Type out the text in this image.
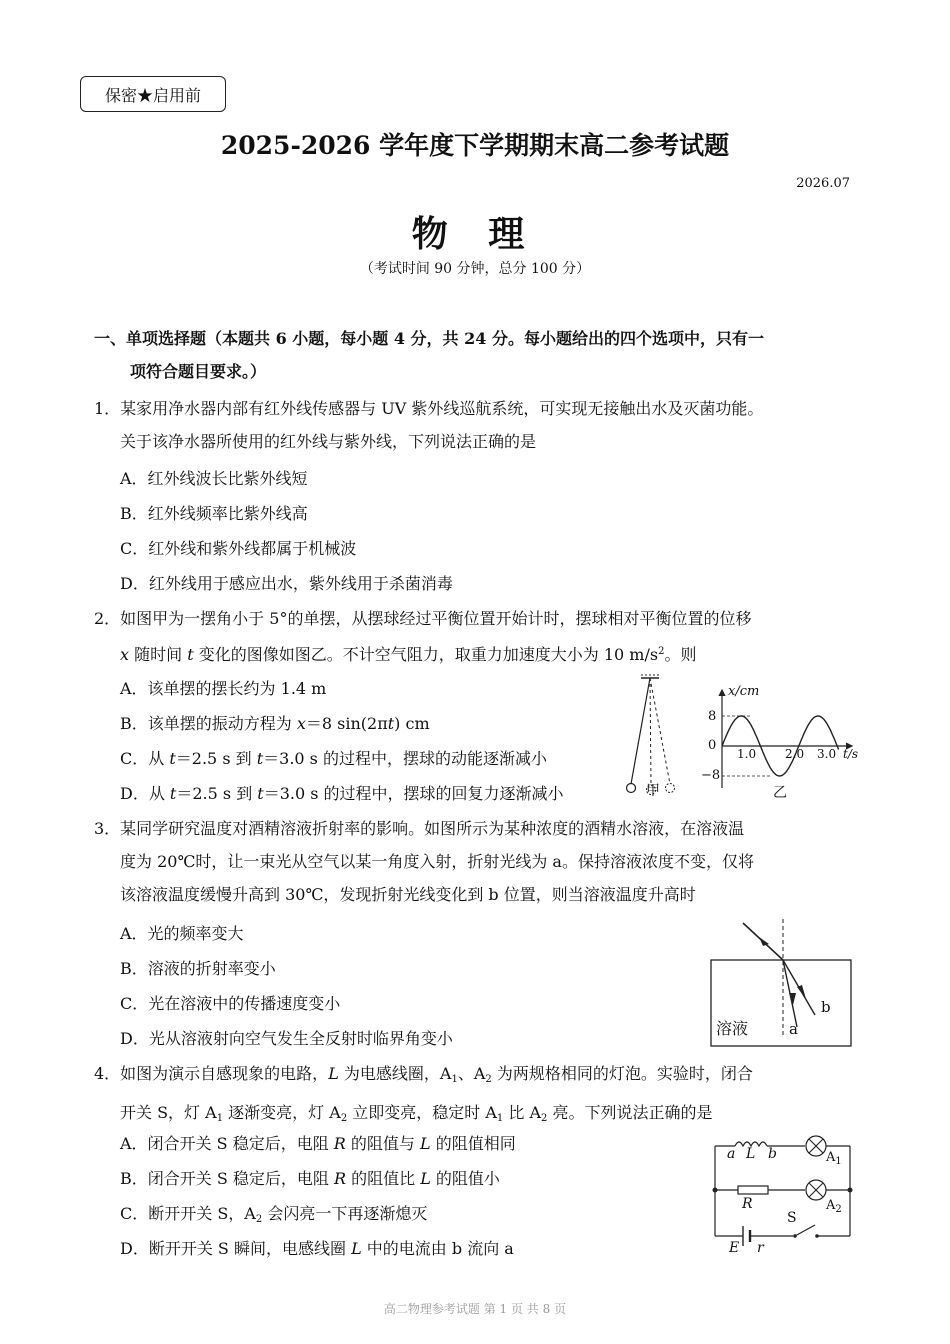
保密★启用前
2025-2026 学年度下学期期末高二参考试题
2026.07
物 理
（考试时间 90 分钟，总分 100 分）
一、单项选择题（本题共 6 小题，每小题 4 分，共 24 分。每小题给出的四个选项中，只有一
项符合题目要求。）
1．某家用净水器内部有红外线传感器与 UV 紫外线巡航系统，可实现无接触出水及灭菌功能。
关于该净水器所使用的红外线与紫外线，下列说法正确的是
A．红外线波长比紫外线短
B．红外线频率比紫外线高
C．红外线和紫外线都属于机械波
D．红外线用于感应出水，紫外线用于杀菌消毒
2．如图甲为一摆角小于 5°的单摆，从摆球经过平衡位置开始计时，摆球相对平衡位置的位移
x 随时间 t 变化的图像如图乙。不计空气阻力，取重力加速度大小为 10 $m/s^2$。则
A．该单摆的摆长约为 1.4 m
B．该单摆的振动方程为 x＝8 sin(2πt) cm
C．从 t＝2.5 s 到 t＝3.0 s 的过程中，摆球的动能逐渐减小
D．从 t＝2.5 s 到 t＝3.0 s 的过程中，摆球的回复力逐渐减小	甲
x/cm
8
0
−8
1.0 2.0 3.0 t/s
乙
3．某同学研究温度对酒精溶液折射率的影响。如图所示为某种浓度的酒精水溶液，在溶液温
度为 20℃时，让一束光从空气以某一角度入射，折射光线为 a。保持溶液浓度不变，仅将
该溶液温度缓慢升高到 30℃，发现折射光线变化到 b 位置，则当溶液温度升高时
A．光的频率变大
B．溶液的折射率变小
C．光在溶液中的传播速度变小
D．光从溶液射向空气发生全反射时临界角变小
溶液	a
b
4．如图为演示自感现象的电路，L 为电感线圈，$A_1$、$A_2$ 为两规格相同的灯泡。实验时，闭合
开关 S，灯 $A_1$ 逐渐变亮，灯 $A_2$ 立即变亮，稳定时 $A_1$ 比 $A_2$ 亮。下列说法正确的是
A．闭合开关 S 稳定后，电阻 R 的阻值与 L 的阻值相同
B．闭合开关 S 稳定后，电阻 R 的阻值比 L 的阻值小
C．断开开关 S，$A_2$ 会闪亮一下再逐渐熄灭
D．断开开关 S 瞬间，电感线圈 L 中的电流由 b 流向 a
a L b	$A_1$
R	$A_2$
S
E r
高二物理参考试题 第 1 页 共 8 页
